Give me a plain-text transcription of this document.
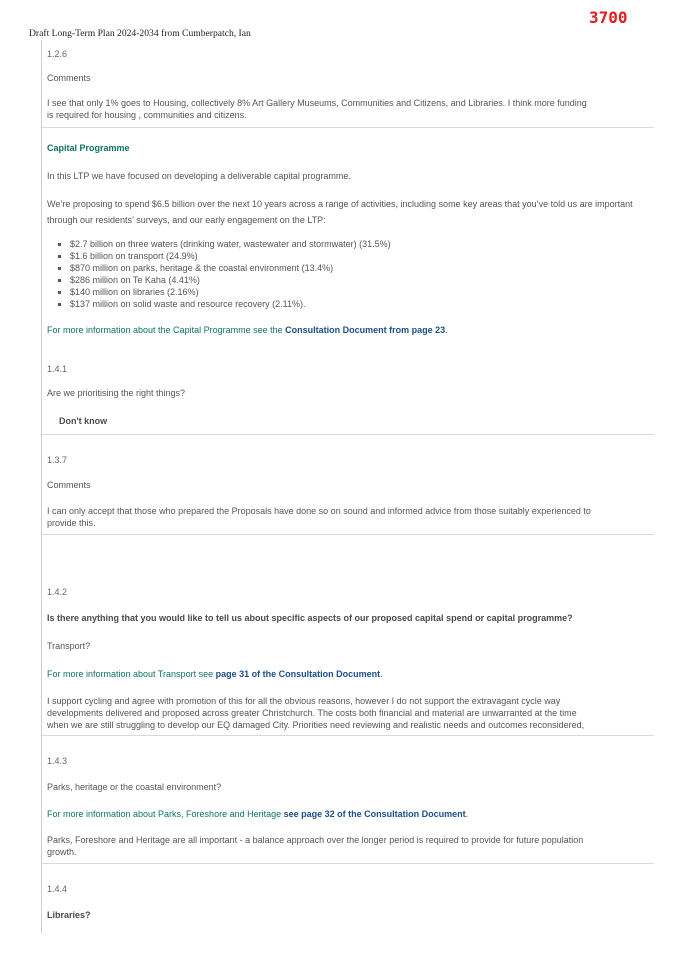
3700
Draft Long-Term Plan 2024-2034 from Cumberpatch, Ian
1.2.6
Comments
I see that only 1% goes to Housing, collectively 8% Art Gallery Museums, Communities and Citizens, and Libraries. I think more funding
is required for housing , communities and citizens.
Capital Programme
In this LTP we have focused on developing a deliverable capital programme.
We’re proposing to spend $6.5 billion over the next 10 years across a range of activities, including some key areas that you’ve told us are important
through our residents’ surveys, and our early engagement on the LTP:
▪ $2.7 billion on three waters (drinking water, wastewater and stormwater) (31.5%)
▪ $1.6 billion on transport (24.9%)
▪ $870 million on parks, heritage & the coastal environment (13.4%)
▪ $286 million on Te Kaha (4.41%)
▪ $140 million on libraries (2.16%)
▪ $137 million on solid waste and resource recovery (2.11%).
For more information about the Capital Programme see the Consultation Document from page 23.
1.4.1
Are we prioritising the right things?
Don't know
1.3.7
Comments
I can only accept that those who prepared the Proposals have done so on sound and informed advice from those suitably experienced to
provide this.
1.4.2
Is there anything that you would like to tell us about specific aspects of our proposed capital spend or capital programme?
Transport?
For more information about Transport see page 31 of the Consultation Document.
I support cycling and agree with promotion of this for all the obvious reasons, however I do not support the extravagant cycle way
developments delivered and proposed across greater Christchurch. The costs both financial and material are unwarranted at the time
when we are still struggling to develop our EQ damaged City. Priorities need reviewing and realistic needs and outcomes reconsidered,
1.4.3
Parks, heritage or the coastal environment?
For more information about Parks, Foreshore and Heritage see page 32 of the Consultation Document.
Parks, Foreshore and Heritage are all important - a balance approach over the longer period is required to provide for future population
growth.
1.4.4
Libraries?
